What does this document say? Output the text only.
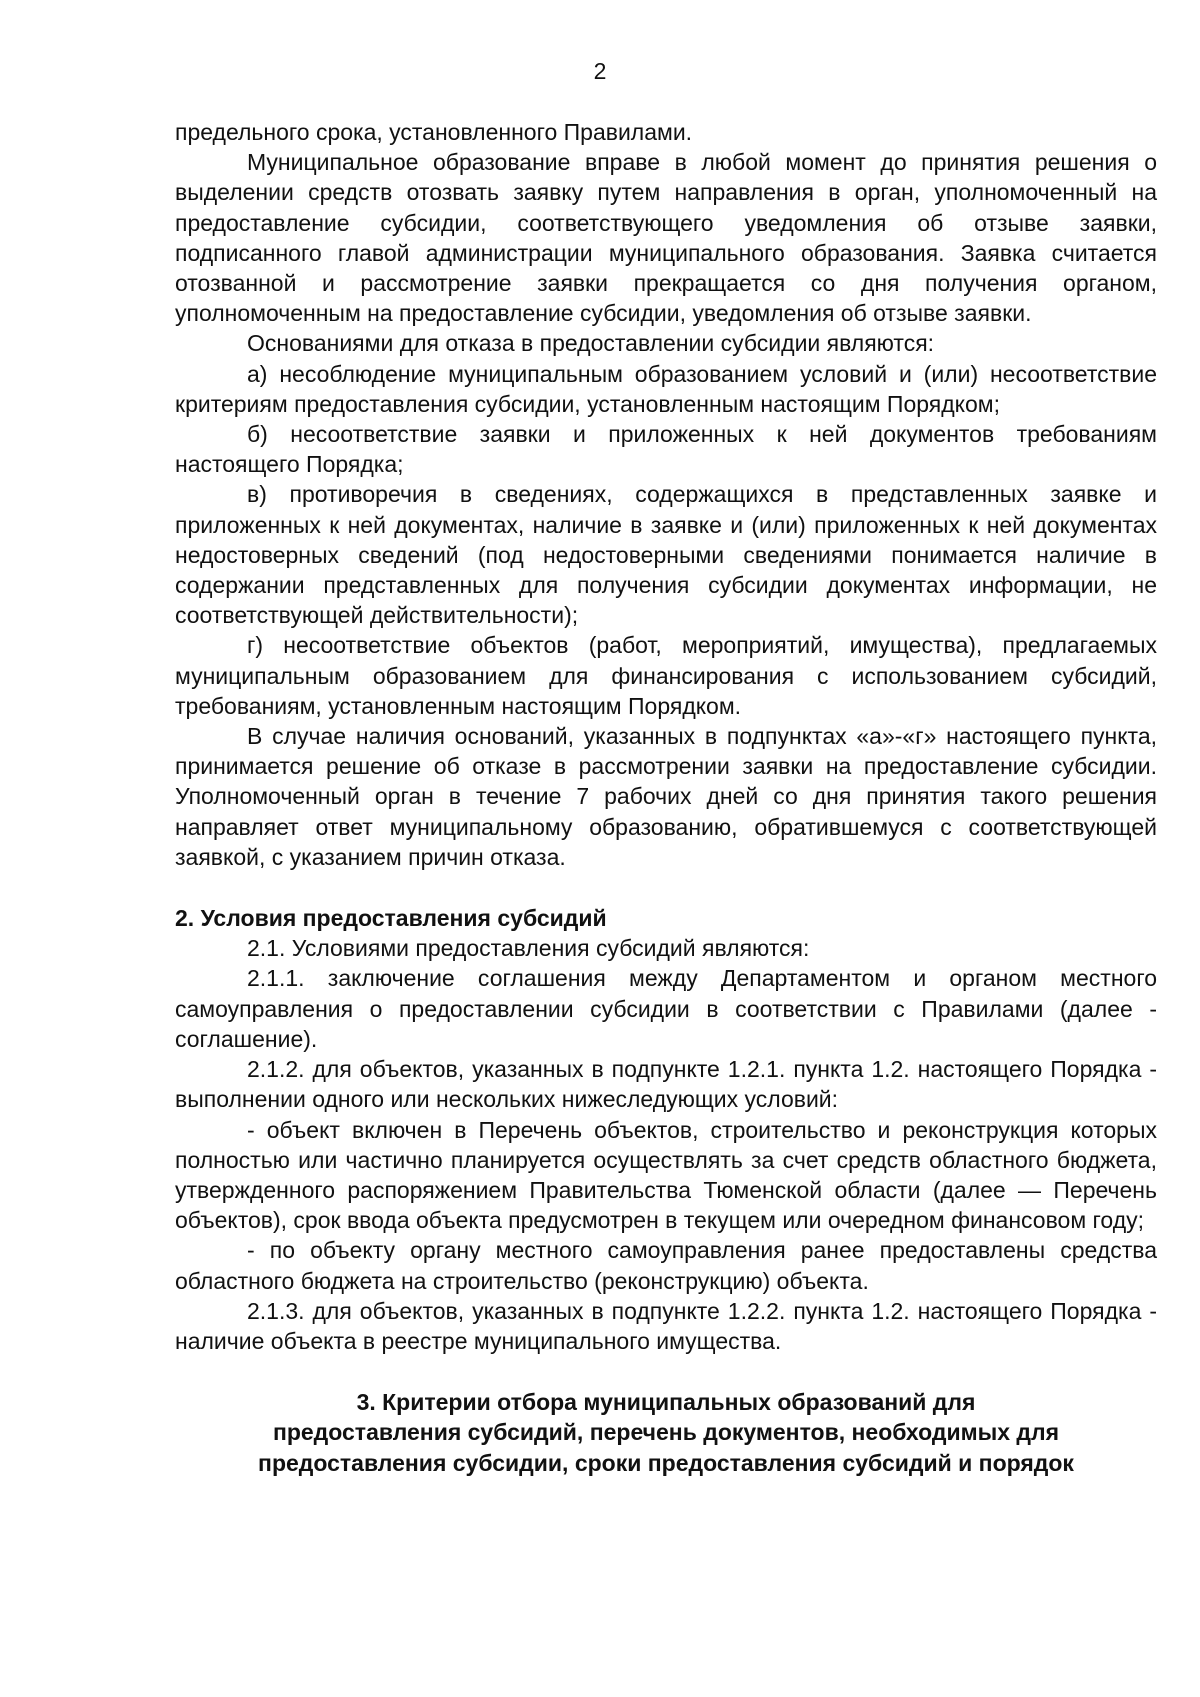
2

предельного срока, установленного Правилами.

Муниципальное образование вправе в любой момент до принятия решения о выделении средств отозвать заявку путем направления в орган, уполномоченный на предоставление субсидии, соответствующего уведомления об отзыве заявки, подписанного главой администрации муниципального образования. Заявка считается отозванной и рассмотрение заявки прекращается со дня получения органом, уполномоченным на предоставление субсидии, уведомления об отзыве заявки.

Основаниями для отказа в предоставлении субсидии являются:

а) несоблюдение муниципальным образованием условий и (или) несоответствие критериям предоставления субсидии, установленным настоящим Порядком;

б) несоответствие заявки и приложенных к ней документов требованиям настоящего Порядка;

в) противоречия в сведениях, содержащихся в представленных заявке и приложенных к ней документах, наличие в заявке и (или) приложенных к ней документах недостоверных сведений (под недостоверными сведениями понимается наличие в содержании представленных для получения субсидии документах информации, не соответствующей действительности);

г) несоответствие объектов (работ, мероприятий, имущества), предлагаемых муниципальным образованием для финансирования с использованием субсидий, требованиям, установленным настоящим Порядком.

В случае наличия оснований, указанных в подпунктах «а»-«г» настоящего пункта, принимается решение об отказе в рассмотрении заявки на предоставление субсидии. Уполномоченный орган в течение 7 рабочих дней со дня принятия такого решения направляет ответ муниципальному образованию, обратившемуся с соответствующей заявкой, с указанием причин отказа.

2. Условия предоставления субсидий

2.1. Условиями предоставления субсидий являются:

2.1.1. заключение соглашения между Департаментом и органом местного самоуправления о предоставлении субсидии в соответствии с Правилами (далее - соглашение).

2.1.2. для объектов, указанных в подпункте 1.2.1. пункта 1.2. настоящего Порядка - выполнении одного или нескольких нижеследующих условий:

- объект включен в Перечень объектов, строительство и реконструкция которых полностью или частично планируется осуществлять за счет средств областного бюджета, утвержденного распоряжением Правительства Тюменской области (далее — Перечень объектов), срок ввода объекта предусмотрен в текущем или очередном финансовом году;

- по объекту органу местного самоуправления ранее предоставлены средства областного бюджета на строительство (реконструкцию) объекта.

2.1.3. для объектов, указанных в подпункте 1.2.2. пункта 1.2. настоящего Порядка - наличие объекта в реестре муниципального имущества.

3. Критерии отбора муниципальных образований для
предоставления субсидий, перечень документов, необходимых для
предоставления субсидии, сроки предоставления субсидий и порядок
